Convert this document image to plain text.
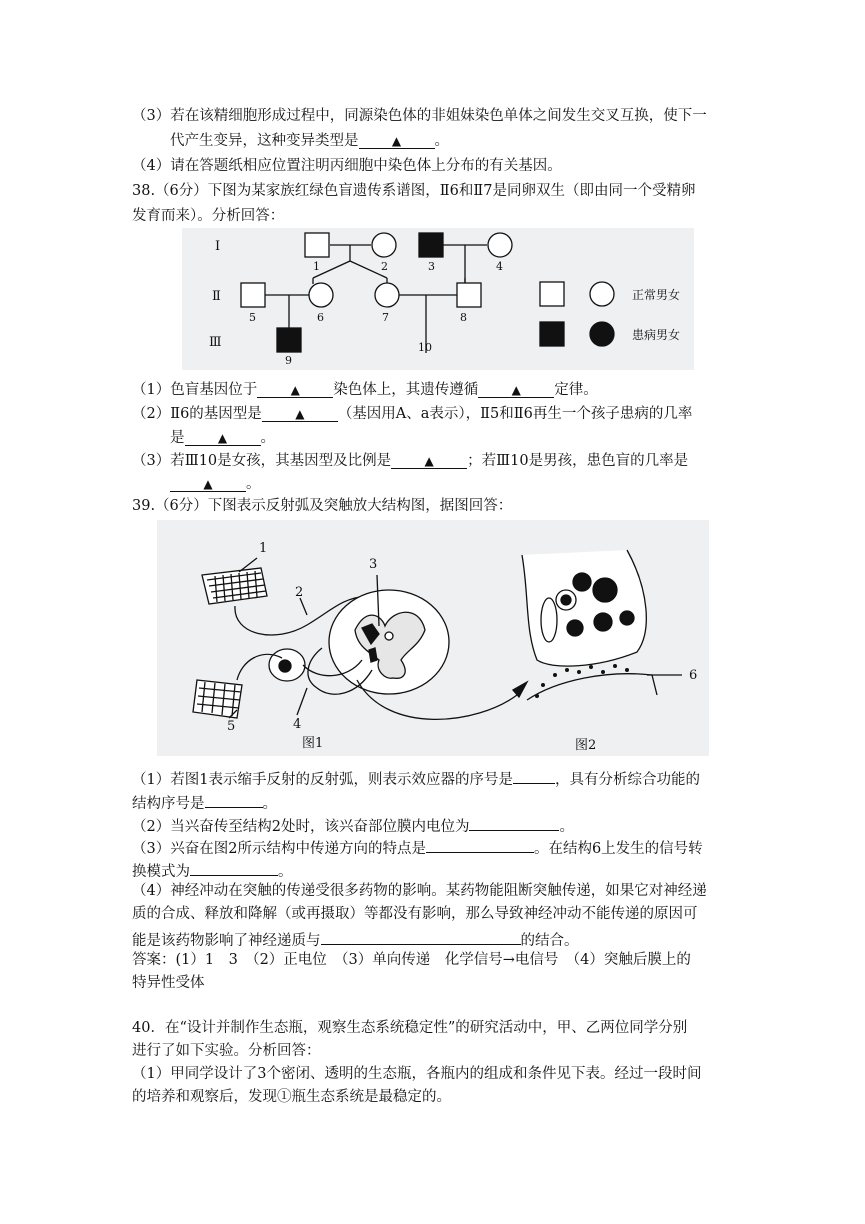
（3）若在该精细胞形成过程中，同源染色体的非姐妹染色单体之间发生交叉互换，使下一
代产生变异，这种变异类型是	▲ 。
（4）请在答题纸相应位置注明丙细胞中染色体上分布的有关基因。
38.（6分）下图为某家族红绿色盲遗传系谱图，Ⅱ6和Ⅱ7是同卵双生（即由同一个受精卵
发育而来）。分析回答：
Ⅰ
Ⅱ
Ⅲ
1	2	3	4
5	6	7	8
9
10
正常男女
患病男女
（1）色盲基因位于	▲ 染色体上，其遗传遵循	▲ 定律。
（2）Ⅱ6的基因型是	▲ （基因用A、a表示），Ⅱ5和Ⅱ6再生一个孩子患病的几率
是	▲ 。
（3）若Ⅲ10是女孩，其基因型及比例是	▲ ；若Ⅲ10是男孩，患色盲的几率是
▲ 。
39.（6分）下图表示反射弧及突触放大结构图，据图回答：
1
2
3
4
5
6
图1	图2
（1）若图1表示缩手反射的反射弧，则表示效应器的序号是	，具有分析综合功能的
结构序号是	。
（2）当兴奋传至结构2处时，该兴奋部位膜内电位为	。
（3）兴奋在图2所示结构中传递方向的特点是	。在结构6上发生的信号转
换模式为	。
（4）神经冲动在突触的传递受很多药物的影响。某药物能阻断突触传递，如果它对神经递
质的合成、释放和降解（或再摄取）等都没有影响，那么导致神经冲动不能传递的原因可
能是该药物影响了神经递质与	的结合。
答案：(1）1　3　（2）正电位　（3）单向传递　化学信号→电信号　（4）突触后膜上的
特异性受体
40．在“设计并制作生态瓶，观察生态系统稳定性”的研究活动中，甲、乙两位同学分别
进行了如下实验。分析回答：
（1）甲同学设计了3个密闭、透明的生态瓶，各瓶内的组成和条件见下表。经过一段时间
的培养和观察后，发现①瓶生态系统是最稳定的。
